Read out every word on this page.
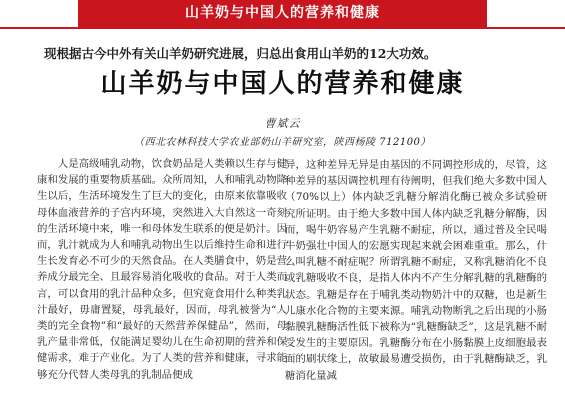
山羊奶与中国人的营养和健康
现根据古今中外有关山羊奶研究进展，归总出食用山羊奶的12大功效。
山羊奶与中国人的营养和健康
曹斌云
（西北农林科技大学农业部奶山羊研究室，陕西杨陵 712100）

人是高级哺乳动物，饮食奶品是人类赖以生存与健康和发展的重要物质基础。众所周知，人和哺乳动物降生以后，生活环境发生了巨大的变化，由原来依靠吸收母体血液营养的子宫内环境，突然进入大自然这一奇刻的生活环境中来，唯一和母体发生联系的便是奶汁。因而，乳汁就成为人和哺乳动物出生以后维持生命和进行生长发育必不可少的天然食品。在人类膳食中，奶是营养成分最完全、且最容易消化吸收的食品。对于人类而言，可以食用的乳汁品种众多，但究竟食用什么种类乳汁最好，毋庸置疑，母乳最好，因而，母乳被誉为“人类的完全食物”和“最好的天然营养保健品”，然而，母乳产量非常低，仅能满足婴幼儿在生命初期的营养和保健需求，难于产业化。为了人类的营养和健康，寻求能够充分代替人类母乳的乳制品便成

异，这种差异无异是由基因的不同调控形成的，尽管，这种差异的基因调控机理有待阐明，但我们绝大多数中国人（70%以上）体内缺乏乳糖分解消化酶已被众多试验研究所证明。由于绝大多数中国人体内缺乏乳糖分解酶，因而，喝牛奶容易产生乳糖不耐症，所以，通过普及全民喝牛奶强壮中国人的宏愿实现起来就会困难重重。那么，什么叫乳糖不耐症呢？所谓乳糖不耐症，又称乳糖消化不良或乳糖吸收不良，是指人体内不产生分解乳糖的乳糖酶的状态。乳糖是存在于哺乳类动物奶汁中的双糖，也是新生儿康水化合物的主要来源。哺乳动物断乳之后出现的小肠黏膜乳糖酶活性低下被称为“乳糖酶缺乏”，这是乳糖不耐受发生的主要原因。乳糖酶分布在小肠黏膜上皮细胞最表面的刷状缘上，故敏最易遭受损伤，由于乳糖酶缺乏，乳糖消化量减
